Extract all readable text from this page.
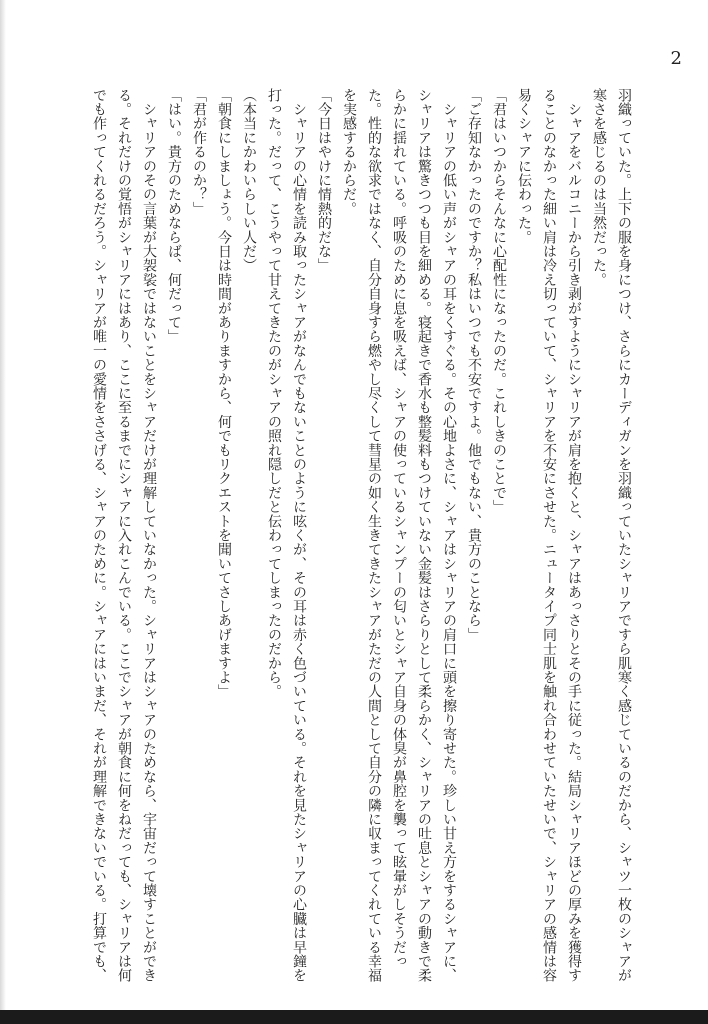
2

羽織っていた。上下の服を身につけ、さらにカーディガンを羽織っていたシャリアですら肌寒く感じているのだから、シャツ一枚のシャアが寒さを感じるのは当然だった。

　シャアをバルコニーから引き剥がすようにシャリアが肩を抱くと、シャアはあっさりとその手に従った。結局シャリアほどの厚みを獲得することのなかった細い肩は冷え切っていて、シャリアを不安にさせた。ニュータイプ同士肌を触れ合わせていたせいで、シャリアの感情は容易くシャアに伝わった。

「君はいつからそんなに心配性になったのだ。これしきのことで」

「ご存知なかったのですか？私はいつでも不安ですよ。他でもない、貴方のことなら」

　シャリアの低い声がシャアの耳をくすぐる。その心地よさに、シャアはシャリアの肩口に頭を擦り寄せた。珍しい甘え方をするシャアに、シャリアは驚きつつも目を細める。寝起きで香水も整髪料もつけていない金髪はさらりとして柔らかく、シャリアの吐息とシャアの動きで柔らかに揺れている。呼吸のために息を吸えば、シャアの使っているシャンプーの匂いとシャア自身の体臭が鼻腔を襲って眩暈がしそうだった。性的な欲求ではなく、自分自身すら燃やし尽くして彗星の如く生きてきたシャアがただの人間として自分の隣に収まってくれている幸福を実感するからだ。

「今日はやけに情熱的だな」

　シャリアの心情を読み取ったシャアがなんでもないことのように呟くが、その耳は赤く色づいている。それを見たシャリアの心臓は早鐘を打った。だって、こうやって甘えてきたのがシャアの照れ隠しだと伝わってしまったのだから。

（本当にかわいらしい人だ）

「朝食にしましょう。今日は時間がありますから、何でもリクエストを聞いてさしあげますよ」

「君が作るのか？」

「はい。貴方のためならば、何だって」

　シャリアのその言葉が大袈裟ではないことをシャアだけが理解していなかった。シャリアはシャアのためなら、宇宙だって壊すことができる。それだけの覚悟がシャリアにはあり、ここに至るまでにシャアに入れこんでいる。ここでシャアが朝食に何をねだっても、シャリアは何でも作ってくれるだろう。シャリアが唯一の愛情をささげる、シャアのために。シャアにはいまだ、それが理解できないでいる。打算でも、
